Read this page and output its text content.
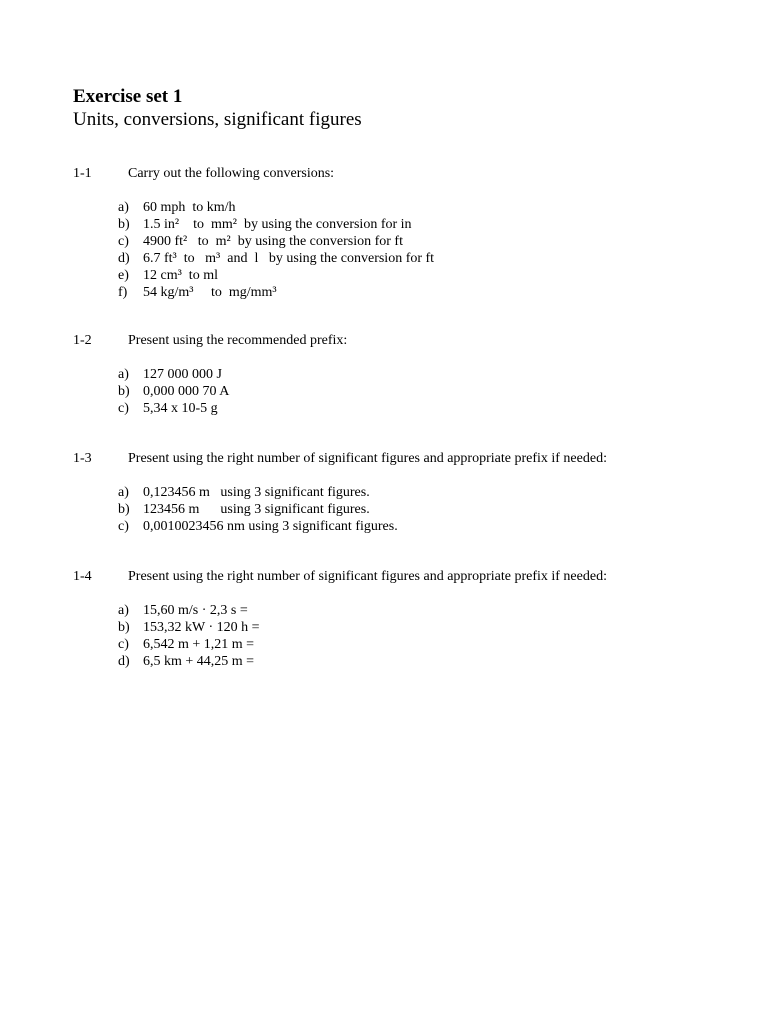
Exercise set 1
Units, conversions, significant figures
1-1	Carry out the following conversions:
a) 60 mph  to km/h
b) 1.5 in²    to  mm²  by using the conversion for in
c) 4900 ft²   to  m²  by using the conversion for ft
d) 6.7 ft³  to   m³  and  l   by using the conversion for ft
e) 12 cm³  to ml
f) 54 kg/m³     to  mg/mm³
1-2	Present using the recommended prefix:
a) 127 000 000 J
b) 0,000 000 70 A
c) 5,34 x 10-5 g
1-3	Present using the right number of significant figures and appropriate prefix if needed:
a) 0,123456 m   using 3 significant figures.
b) 123456 m      using 3 significant figures.
c) 0,0010023456 nm using 3 significant figures.
1-4	Present using the right number of significant figures and appropriate prefix if needed:
a) 15,60 m/s · 2,3 s =
b) 153,32 kW · 120 h =
c) 6,542 m + 1,21 m =
d) 6,5 km + 44,25 m =
